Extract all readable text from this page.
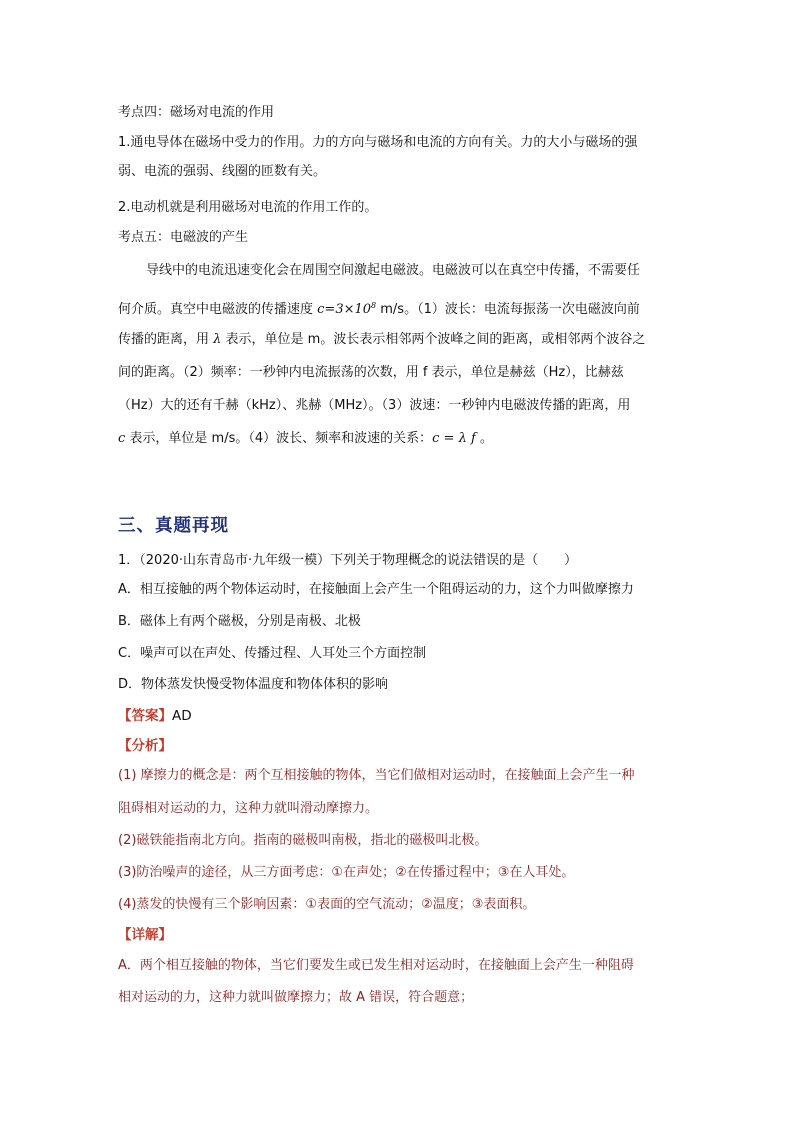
考点四：磁场对电流的作用
1.通电导体在磁场中受力的作用。力的方向与磁场和电流的方向有关。力的大小与磁场的强
弱、电流的强弱、线圈的匝数有关。
2.电动机就是利用磁场对电流的作用工作的。
考点五：电磁波的产生
导线中的电流迅速变化会在周围空间激起电磁波。电磁波可以在真空中传播，不需要任
何介质。真空中电磁波的传播速度 $c=3\times 10^8$ m/s。（1）波长：电流每振荡一次电磁波向前
传播的距离，用 λ 表示，单位是 m。波长表示相邻两个波峰之间的距离，或相邻两个波谷之
间的距离。（2）频率：一秒钟内电流振荡的次数，用 f 表示，单位是赫兹（Hz），比赫兹
（Hz）大的还有千赫（kHz）、兆赫（MHz）。（3）波速：一秒钟内电磁波传播的距离，用
c 表示，单位是 m/s。（4）波长、频率和波速的关系：c = λ f 。
三、真题再现
1．（2020·山东青岛市·九年级一模）下列关于物理概念的说法错误的是（　　）
A．相互接触的两个物体运动时，在接触面上会产生一个阻碍运动的力，这个力叫做摩擦力
B．磁体上有两个磁极，分别是南极、北极
C．噪声可以在声处、传播过程、人耳处三个方面控制
D．物体蒸发快慢受物体温度和物体体积的影响
【答案】AD
【分析】
(1) 摩擦力的概念是：两个互相接触的物体，当它们做相对运动时，在接触面上会产生一种
阻碍相对运动的力，这种力就叫滑动摩擦力。
(2)磁铁能指南北方向。指南的磁极叫南极，指北的磁极叫北极。
(3)防治噪声的途径，从三方面考虑：①在声处；②在传播过程中；③在人耳处。
(4)蒸发的快慢有三个影响因素：①表面的空气流动；②温度；③表面积。
【详解】
A．两个相互接触的物体，当它们要发生或已发生相对运动时，在接触面上会产生一种阻碍
相对运动的力，这种力就叫做摩擦力；故 A 错误，符合题意；
